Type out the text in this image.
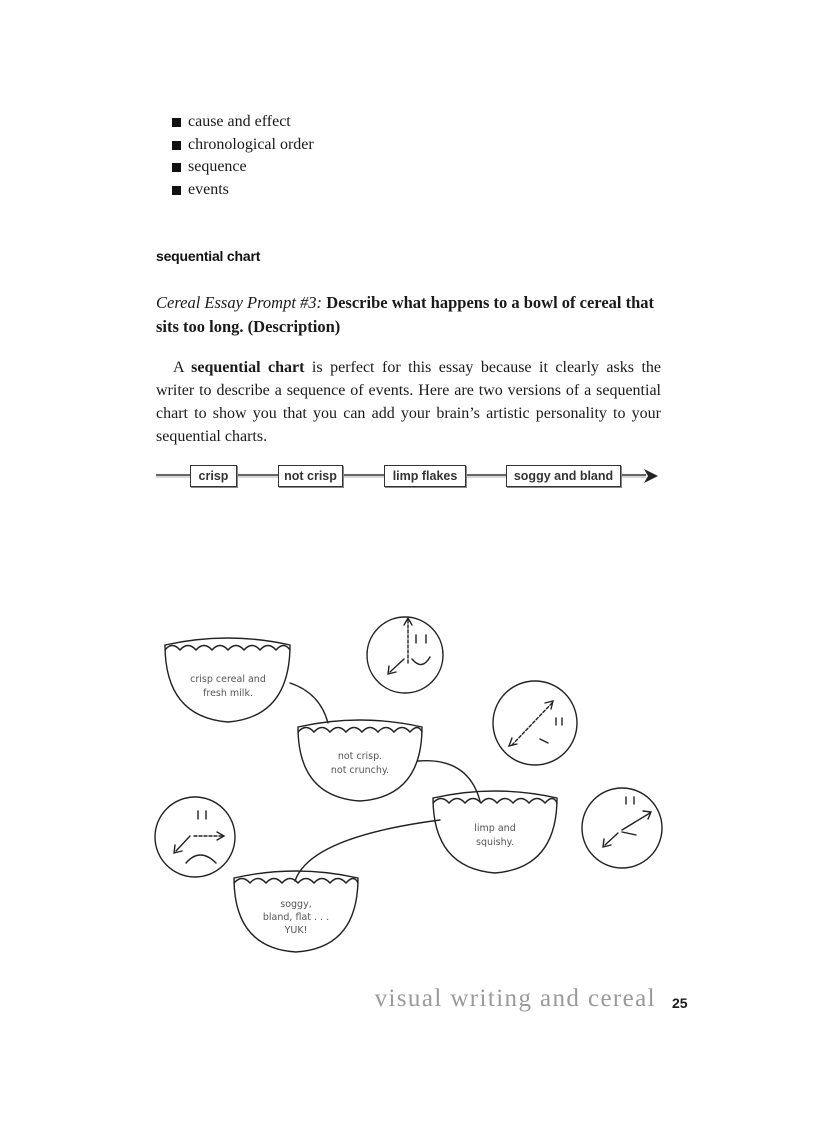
cause and effect
chronological order
sequence
events
sequential chart

Cereal Essay Prompt #3: Describe what happens to a bowl of cereal that sits too long. (Description)

A sequential chart is perfect for this essay because it clearly asks the writer to describe a sequence of events. Here are two versions of a sequential chart to show you that you can add your brain’s artistic personality to your sequential charts.

crisp	not crisp	limp flakes	soggy and bland
crisp cereal and
fresh milk.
not crisp.
not crunchy.
limp and
squishy.
soggy,
bland, flat . . .
YUK!
visual writing and cereal 25
